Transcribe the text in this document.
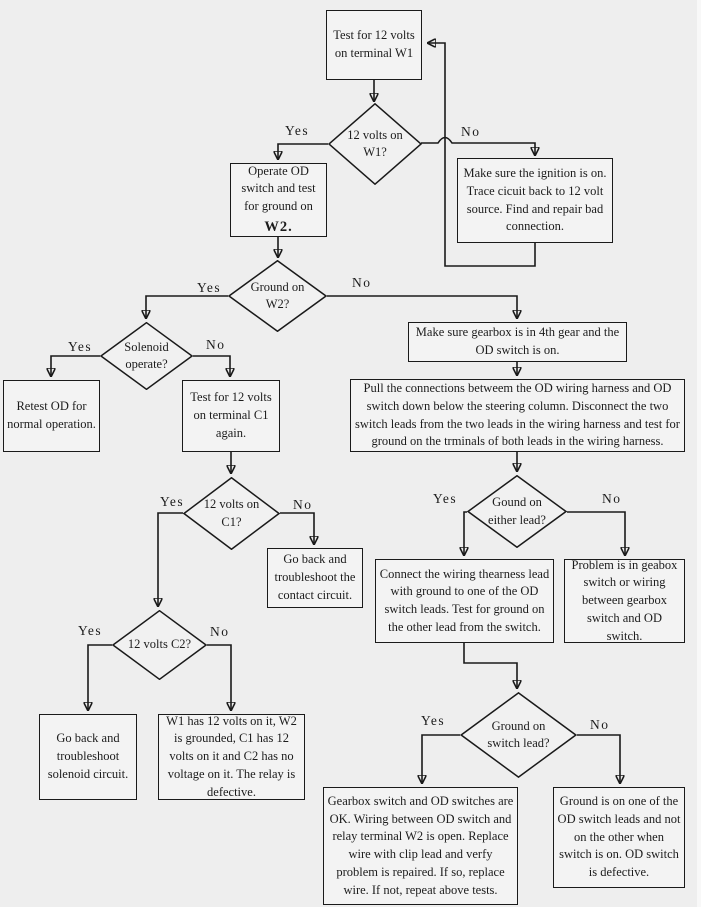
Test for 12 volts on terminal W1
Operate OD switch and test for ground on
W2.
Make sure the ignition is on. Trace cicuit back to 12 volt source. Find and repair bad connection.
Retest OD for normal operation.
Test for 12 volts on terminal C1 again.
Make sure gearbox is in 4th gear and the OD switch is on.
Pull the connections betweem the OD wiring harness and OD switch down below the steering column. Disconnect the two switch leads from the two leads in the wiring harness and test for ground on the trminals of both leads in the wiring harness.
Go back and troubleshoot the contact circuit.
Connect the wiring thearness lead with ground to one of the OD switch leads. Test for ground on the other lead from the switch.
Problem is in geabox switch or wiring between gearbox switch and OD switch.
Go back and troubleshoot solenoid circuit.
W1 has 12 volts on it, W2 is grounded, C1 has 12 volts on it and C2 has no voltage on it. The relay is defective.
Gearbox switch and OD switches are OK. Wiring between OD switch and relay terminal W2 is open. Replace wire with clip lead and verfy problem is repaired. If so, replace wire. If not, repeat above tests.
Ground is on one of the OD switch leads and not on the other when switch is on. OD switch is defective.
12 volts on W1?
Ground on W2?
Solenoid operate?
12 volts on C1?
Gound on either lead?
12 volts C2?
Ground on switch lead?
Yes	No
Yes	No
Yes	No
Yes	No
Yes	No
Yes	No
Yes	No
